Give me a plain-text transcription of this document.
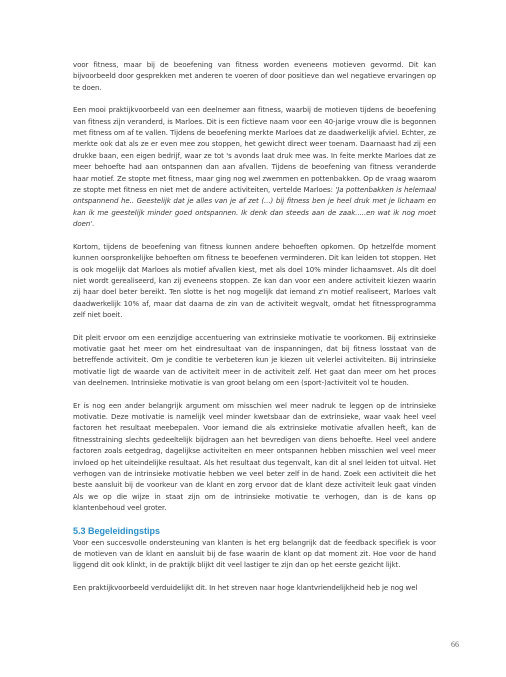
voor fitness, maar bij de beoefening van fitness worden eveneens motieven gevormd. Dit kan bijvoorbeeld door gesprekken met anderen te voeren of door positieve dan wel negatieve ervaringen op te doen.

Een mooi praktijkvoorbeeld van een deelnemer aan fitness, waarbij de motieven tijdens de beoefening van fitness zijn veranderd, is Marloes. Dit is een fictieve naam voor een 40-jarige vrouw die is begonnen met fitness om af te vallen. Tijdens de beoefening merkte Marloes dat ze daadwerkelijk afviel. Echter, ze merkte ook dat als ze er even mee zou stoppen, het gewicht direct weer toenam. Daarnaast had zij een drukke baan, een eigen bedrijf, waar ze tot 's avonds laat druk mee was. In feite merkte Marloes dat ze meer behoefte had aan ontspannen dan aan afvallen. Tijdens de beoefening van fitness veranderde haar motief. Ze stopte met fitness, maar ging nog wel zwemmen en pottenbakken. Op de vraag waarom ze stopte met fitness en niet met de andere activiteiten, vertelde Marloes: 'Ja pottenbakken is helemaal ontspannend he.. Geestelijk dat je alles van je af zet (...) bij fitness ben je heel druk met je lichaam en kan ik me geestelijk minder goed ontspannen. Ik denk dan steeds aan de zaak.....en wat ik nog moet doen'.

Kortom, tijdens de beoefening van fitness kunnen andere behoeften opkomen. Op hetzelfde moment kunnen oorspronkelijke behoeften om fitness te beoefenen verminderen. Dit kan leiden tot stoppen. Het is ook mogelijk dat Marloes als motief afvallen kiest, met als doel 10% minder lichaamsvet. Als dit doel niet wordt gerealiseerd, kan zij eveneens stoppen. Ze kan dan voor een andere activiteit kiezen waarin zij haar doel beter bereikt. Ten slotte is het nog mogelijk dat iemand z'n motief realiseert, Marloes valt daadwerkelijk 10% af, maar dat daarna de zin van de activiteit wegvalt, omdat het fitnessprogramma zelf niet boeit.

Dit pleit ervoor om een eenzijdige accentuering van extrinsieke motivatie te voorkomen. Bij extrinsieke motivatie gaat het meer om het eindresultaat van de inspanningen, dat bij fitness losstaat van de betreffende activiteit. Om je conditie te verbeteren kun je kiezen uit velerlei activiteiten. Bij intrinsieke motivatie ligt de waarde van de activiteit meer in de activiteit zelf. Het gaat dan meer om het proces van deelnemen. Intrinsieke motivatie is van groot belang om een (sport-)activiteit vol te houden.

Er is nog een ander belangrijk argument om misschien wel meer nadruk te leggen op de intrinsieke motivatie. Deze motivatie is namelijk veel minder kwetsbaar dan de extrinsieke, waar vaak heel veel factoren het resultaat meebepalen. Voor iemand die als extrinsieke motivatie afvallen heeft, kan de fitnesstraining slechts gedeeltelijk bijdragen aan het bevredigen van diens behoefte. Heel veel andere factoren zoals eetgedrag, dagelijkse activiteiten en meer ontspannen hebben misschien wel veel meer invloed op het uiteindelijke resultaat. Als het resultaat dus tegenvalt, kan dit al snel leiden tot uitval. Het verhogen van de intrinsieke motivatie hebben we veel beter zelf in de hand. Zoek een activiteit die het beste aansluit bij de voorkeur van de klant en zorg ervoor dat de klant deze activiteit leuk gaat vinden Als we op die wijze in staat zijn om de intrinsieke motivatie te verhogen, dan is de kans op klantenbehoud veel groter.

5.3 Begeleidingstips

Voor een succesvolle ondersteuning van klanten is het erg belangrijk dat de feedback specifiek is voor de motieven van de klant en aansluit bij de fase waarin de klant op dat moment zit. Hoe voor de hand liggend dit ook klinkt, in de praktijk blijkt dit veel lastiger te zijn dan op het eerste gezicht lijkt.

Een praktijkvoorbeeld verduidelijkt dit. In het streven naar hoge klantvriendelijkheid heb je nog wel

66
